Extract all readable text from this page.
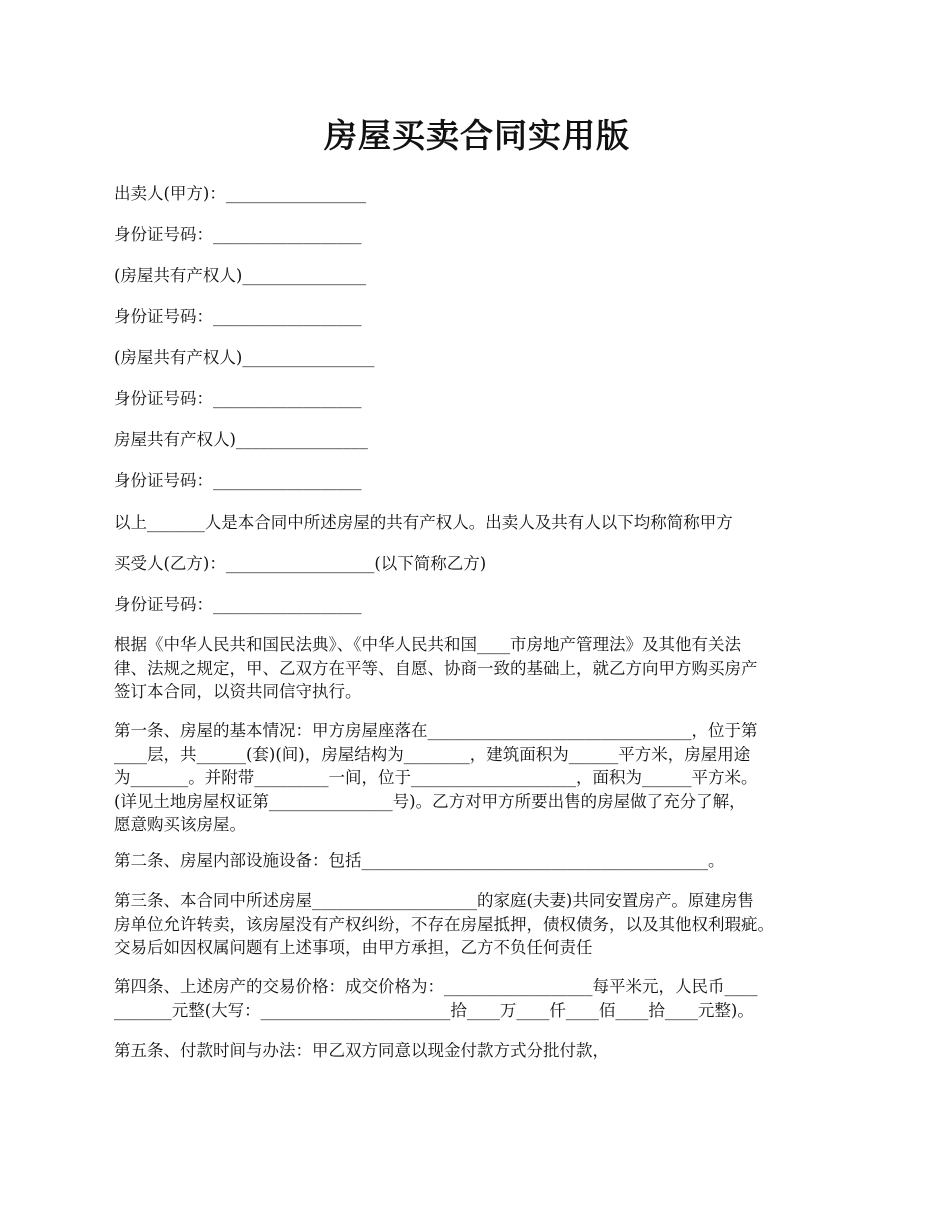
房屋买卖合同实用版

出卖人(甲方)：_________________

身份证号码：__________________

(房屋共有产权人)_______________

身份证号码：__________________

(房屋共有产权人)________________

身份证号码：__________________

房屋共有产权人)________________

身份证号码：__________________

以上_______人是本合同中所述房屋的共有产权人。出卖人及共有人以下均称简称甲方

买受人(乙方)：__________________(以下简称乙方)

身份证号码：__________________

根据《中华人民共和国民法典》、《中华人民共和国____市房地产管理法》及其他有关法
律、法规之规定，甲、乙双方在平等、自愿、协商一致的基础上，就乙方向甲方购买房产
签订本合同，以资共同信守执行。

第一条、房屋的基本情况：甲方房屋座落在________________________________，位于第
____层，共______(套)(间)，房屋结构为________，建筑面积为______平方米，房屋用途
为_______。并附带_________一间，位于____________________，面积为______平方米。
(详见土地房屋权证第_______________号)。乙方对甲方所要出售的房屋做了充分了解，
愿意购买该房屋。

第二条、房屋内部设施设备：包括__________________________________________。

第三条、本合同中所述房屋____________________的家庭(夫妻)共同安置房产。原建房售
房单位允许转卖，该房屋没有产权纠纷，不存在房屋抵押，债权债务，以及其他权利瑕疵。
交易后如因权属问题有上述事项，由甲方承担，乙方不负任何责任

第四条、上述房产的交易价格：成交价格为：__________________每平米元，人民币____
_______元整(大写：_______________________拾____万____仟____佰____拾____元整)。

第五条、付款时间与办法：甲乙双方同意以现金付款方式分批付款，
